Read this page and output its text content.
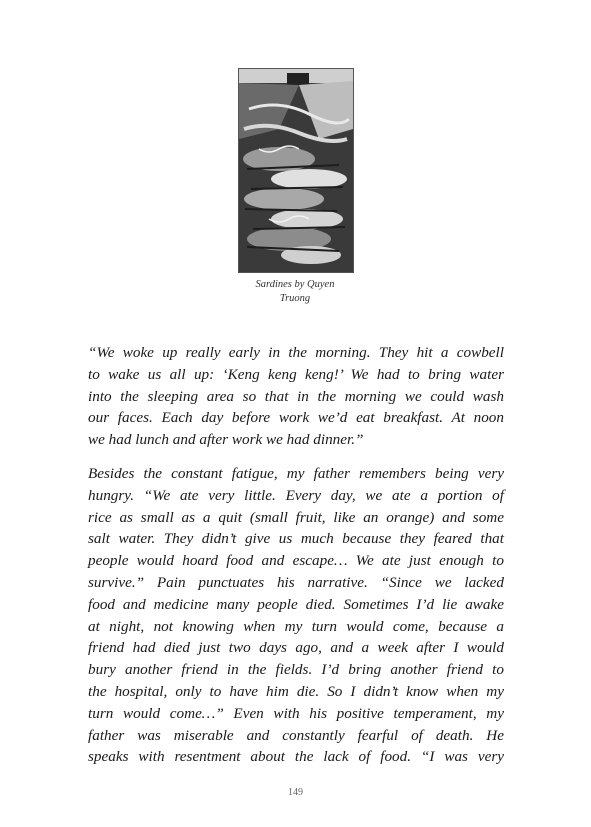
Sardines by Quyen
Truong

“We woke up really early in the morning. They hit a cowbell
to wake us all up: ‘Keng keng keng!’ We had to bring water
into the sleeping area so that in the morning we could wash
our faces. Each day before work we’d eat breakfast. At noon
we had lunch and after work we had dinner.”

Besides the constant fatigue, my father remembers being very
hungry. “We ate very little. Every day, we ate a portion of
rice as small as a quit (small fruit, like an orange) and some
salt water. They didn’t give us much because they feared that
people would hoard food and escape… We ate just enough to
survive.” Pain punctuates his narrative. “Since we lacked
food and medicine many people died. Sometimes I’d lie awake
at night, not knowing when my turn would come, because a
friend had died just two days ago, and a week after I would
bury another friend in the fields. I’d bring another friend to
the hospital, only to have him die. So I didn’t know when my
turn would come…” Even with his positive temperament, my
father was miserable and constantly fearful of death. He
speaks with resentment about the lack of food. “I was very

149
